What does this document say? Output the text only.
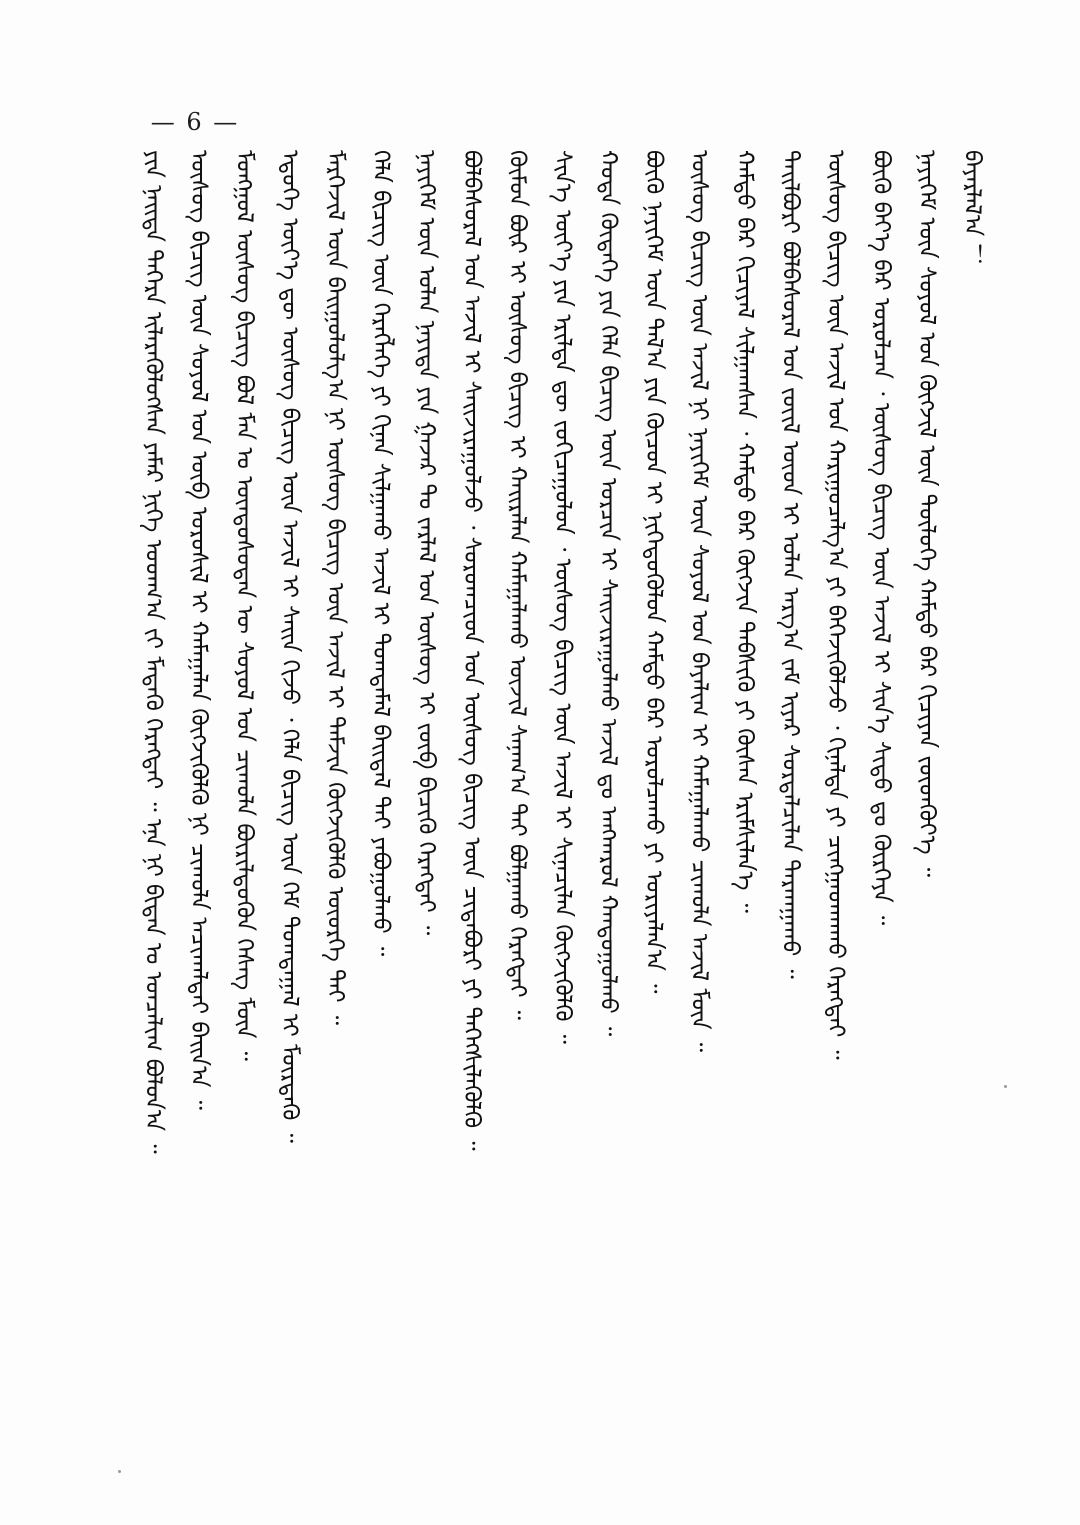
— 6 —
ᠶᠢᠨ ᠨᠡᠢᠲᠡ ᠳᠡᠭᠡᠷᠡ ᠢᠯᠡᠷᠡᠭᠦᠯᠦᠭᠰᠡᠨ ᠶᠠᠮᠠᠷ ᠨᠢᠭᠡ ᠤᠳᠬ᠎ᠠ ᠵᠢ ᠮᠡᠳᠡᠬᠦ ᠬᠡᠷᠡᠭᠲᠡᠢ ᠃ ᠡᠨᠡ ᠨᠢ ᠪᠢᠳᠠᠨ ᠤ ᠣᠨᠴᠠᠯᠢᠭ ᠪᠣᠯᠤᠨ᠎ᠠ ᠃ ᠦᠰᠦᠭ ᠪᠢᠴᠢᠭ ᠦᠨ ᠰᠣᠶᠣᠯ ᠤᠨ ᠦᠪ ᠣᠷᠤᠰᠢᠯ ᠢ ᠬᠠᠮᠠᠭᠠᠯᠠᠨ ᠬᠥᠭᠵᠢᠭᠦᠯᠬᠦ ᠨᠢ ᠴᠢᠬᠤᠯᠠ ᠠᠴᠢᠬᠠᠯᠲᠠᠢ ᠪᠠᠢᠨ᠎ᠠ ᠃ ᠮᠣᠩᠭᠣᠯ ᠦᠰᠦᠭ ᠪᠢᠴᠢᠭ ᠪᠣᠯ ᠮᠠᠨ ᠤ ᠦᠨᠳᠦᠰᠦᠲᠡᠨ ᠦ ᠰᠣᠶᠣᠯ ᠤᠨ ᠴᠢᠬᠤᠯᠠ ᠪᠦᠷᠢᠯᠳᠦᠬᠦᠨ ᠬᠡᠰᠡᠭ ᠮᠥᠨ ᠃ ᠡᠳᠦᠭᠡ ᠦᠶ᠎ᠡ ᠳᠦ ᠦᠰᠦᠭ ᠪᠢᠴᠢᠭ ᠦᠨ ᠠᠵᠢᠯ ᠢ ᠰᠠᠢᠨ ᠬᠢᠵᠦ ᠂ ᠬᠡᠯᠡ ᠪᠢᠴᠢᠭ ᠦᠨ ᠬᠡᠮ ᠲᠣᠭᠲᠠᠭᠠᠯ ᠢ ᠮᠦᠷᠳᠡᠬᠦ ᠃ ᠮᠡᠷᠭᠡᠵᠢᠯ ᠦᠨ ᠪᠠᠢᠭᠤᠯᠤᠯᠭ᠎ᠠ ᠨᠢ ᠦᠰᠦᠭ ᠪᠢᠴᠢᠭ ᠦᠨ ᠠᠵᠢᠯ ᠢ ᠳᠡᠮᠵᠢᠨ ᠬᠥᠭᠵᠢᠭᠦᠯᠬᠦ ᠦᠦᠷᠭᠡ ᠲᠠᠢ ᠃ ᠬᠡᠯᠡ ᠪᠢᠴᠢᠭ ᠦᠨ ᠬᠡᠷᠡᠭᠯᠡᠭᠡ ᠶᠢ ᠬᠢᠨᠠᠨ ᠰᠢᠯᠭᠠᠬᠤ ᠠᠵᠢᠯ ᠢ ᠲᠣᠭᠲᠠᠮᠠᠯ ᠪᠠᠢᠳᠠᠯ ᠲᠠᠢ ᠶᠠᠪᠤᠭᠤᠯᠬᠤ ᠃ ᠨᠡᠶᠢᠭᠡᠮ ᠦᠨ ᠣᠯᠠᠨ ᠨᠡᠶᠢᠲᠡ ᠶᠢᠨ ᠭᠠᠵᠠᠷ ᠲᠤ ᠵᠠᠷᠯᠠᠯ ᠤᠨ ᠦᠰᠦᠭ ᠢ ᠵᠥᠪ ᠪᠢᠴᠢᠬᠦ ᠬᠡᠷᠡᠭᠲᠡᠢ ᠃ ᠪᠣᠯᠪᠠᠰᠤᠷᠠᠯ ᠤᠨ ᠠᠵᠢᠯ ᠢ ᠰᠠᠢᠵᠢᠷᠠᠭᠤᠯᠵᠤ ᠂ ᠰᠤᠷᠤᠭᠴᠢᠳ ᠤᠨ ᠦᠰᠦᠭ ᠪᠢᠴᠢᠭ ᠦᠨ ᠴᠢᠳᠠᠪᠤᠷᠢ ᠶᠢ ᠳᠡᠭᠡᠭᠰᠢᠯᠡᠭᠦᠯᠬᠦ ᠃ ᠬᠦᠮᠦᠨ ᠪᠦᠷ ᠢ ᠦᠰᠦᠭ ᠪᠢᠴᠢᠭ ᠢ ᠬᠠᠢᠷᠠᠯᠠᠨ ᠬᠠᠮᠠᠭᠠᠯᠠᠬᠤ ᠦᠵᠢᠯ ᠰᠠᠨᠠᠭ᠎ᠠ ᠲᠠᠢ ᠪᠣᠯᠭᠠᠬᠤ ᠬᠡᠷᠡᠭᠲᠡᠢ ᠃ ᠰᠢᠨ᠎ᠡ ᠦᠶ᠎ᠡ ᠶᠢᠨ ᠡᠷᠢᠯᠲᠡ ᠳᠦ ᠵᠣᠬᠢᠴᠠᠭᠤᠯᠤᠨ ᠂ ᠦᠰᠦᠭ ᠪᠢᠴᠢᠭ ᠦᠨ ᠠᠵᠢᠯ ᠢ ᠰᠢᠨᠡᠴᠢᠯᠡᠨ ᠬᠥᠭᠵᠢᠭᠦᠯᠬᠦ ᠃ ᠬᠣᠲᠠ ᠬᠥᠳᠡᠭᠡ ᠶᠢᠨ ᠬᠡᠯᠡ ᠪᠢᠴᠢᠭ ᠦᠨ ᠣᠷᠴᠢᠨ ᠢ ᠰᠠᠢᠵᠢᠷᠠᠭᠤᠯᠬᠤ ᠠᠵᠢᠯ ᠳᠤ ᠠᠩᠬᠠᠷᠤᠯ ᠬᠠᠨᠳᠤᠭᠤᠯᠬᠤ ᠃ ᠪᠦᠬᠦ ᠨᠡᠶᠢᠭᠡᠮ ᠦᠨ ᠲᠠᠯ᠎ᠠ ᠶᠢᠨ ᠬᠦᠴᠦᠨ ᠢ ᠨᠢᠭᠡᠳᠦᠭᠦᠯᠦᠨ ᠬᠠᠮᠲᠤ ᠪᠡᠷ ᠣᠷᠣᠯᠴᠠᠬᠤ ᠶᠢ ᠤᠷᠢᠶᠠᠯᠠᠨ᠎ᠠ ᠃ ᠦᠰᠦᠭ ᠪᠢᠴᠢᠭ ᠦᠨ ᠠᠵᠢᠯ ᠨᠢ ᠨᠡᠶᠢᠭᠡᠮ ᠦᠨ ᠰᠣᠶᠣᠯ ᠤᠨ ᠪᠠᠶᠠᠯᠢᠭ ᠢ ᠬᠠᠮᠠᠭᠠᠯᠠᠬᠤ ᠴᠢᠬᠤᠯᠠ ᠠᠵᠢᠯ ᠮᠥᠨ ᠃ ᠬᠠᠮᠲᠤ ᠪᠡᠷ ᠬᠢᠴᠢᠶᠡᠯ ᠰᠢᠯᠭᠠᠭᠰᠠᠨ ᠂ ᠬᠠᠮᠲᠤ ᠪᠡᠷ ᠬᠥᠭᠵᠢᠨ ᠳᠡᠪᠰᠢᠬᠦ ᠶᠢ ᠬᠦᠰᠡᠨ ᠡᠷᠢᠮᠰᠢᠯᠡᠨ᠎ᠡ ᠃ ᠲᠠᠢᠯᠪᠤᠷᠢ ᠪᠣᠯᠪᠠᠰᠤᠷᠠᠯ ᠤᠨ ᠵᠦᠢᠯ ᠦᠳ ᠢ ᠣᠯᠠᠨ ᠠᠷᠭ᠎ᠠ ᠵᠠᠮ ᠢᠶᠠᠷ ᠰᠤᠷᠲᠠᠯᠴᠢᠯᠠᠨ ᠲᠠᠷᠬᠠᠭᠠᠬᠤ ᠃ ᠦᠰᠦᠭ ᠪᠢᠴᠢᠭ ᠦᠨ ᠠᠵᠢᠯ ᠤᠨ ᠬᠠᠷᠢᠭᠤᠴᠠᠯᠭ᠎ᠠ ᠶᠢ ᠪᠡᠬᠡᠵᠢᠭᠦᠯᠵᠦ ᠂ ᠬᠢᠨᠠᠯᠲᠠ ᠶᠢ ᠴᠢᠩᠭᠠᠳᠬᠠᠬᠤ ᠬᠡᠷᠡᠭᠲᠡᠢ ᠃ ᠪᠦᠬᠦ ᠪᠡᠶ᠎ᠡ ᠪᠡᠷ ᠣᠷᠣᠯᠴᠠᠨ ᠂ ᠦᠰᠦᠭ ᠪᠢᠴᠢᠭ ᠦᠨ ᠠᠵᠢᠯ ᠢ ᠰᠢᠨ᠎ᠡ ᠰᠢᠲᠤ ᠳᠤ ᠬᠦᠷᠭᠡᠶᠡ ᠃ ᠨᠡᠶᠢᠭᠡᠮ ᠦᠨ ᠰᠣᠶᠣᠯ ᠤᠨ ᠬᠥᠭᠵᠢᠯ ᠦᠨ ᠲᠥᠯᠦᠭᠡ ᠬᠠᠮᠲᠤ ᠪᠡᠷ ᠬᠢᠴᠢᠶᠡᠨ ᠵᠦᠳᠭᠦᠶ᠎ᠡ ᠃ ᠪᠠᠶᠠᠷᠯᠠᠯ᠎ᠠ ！
